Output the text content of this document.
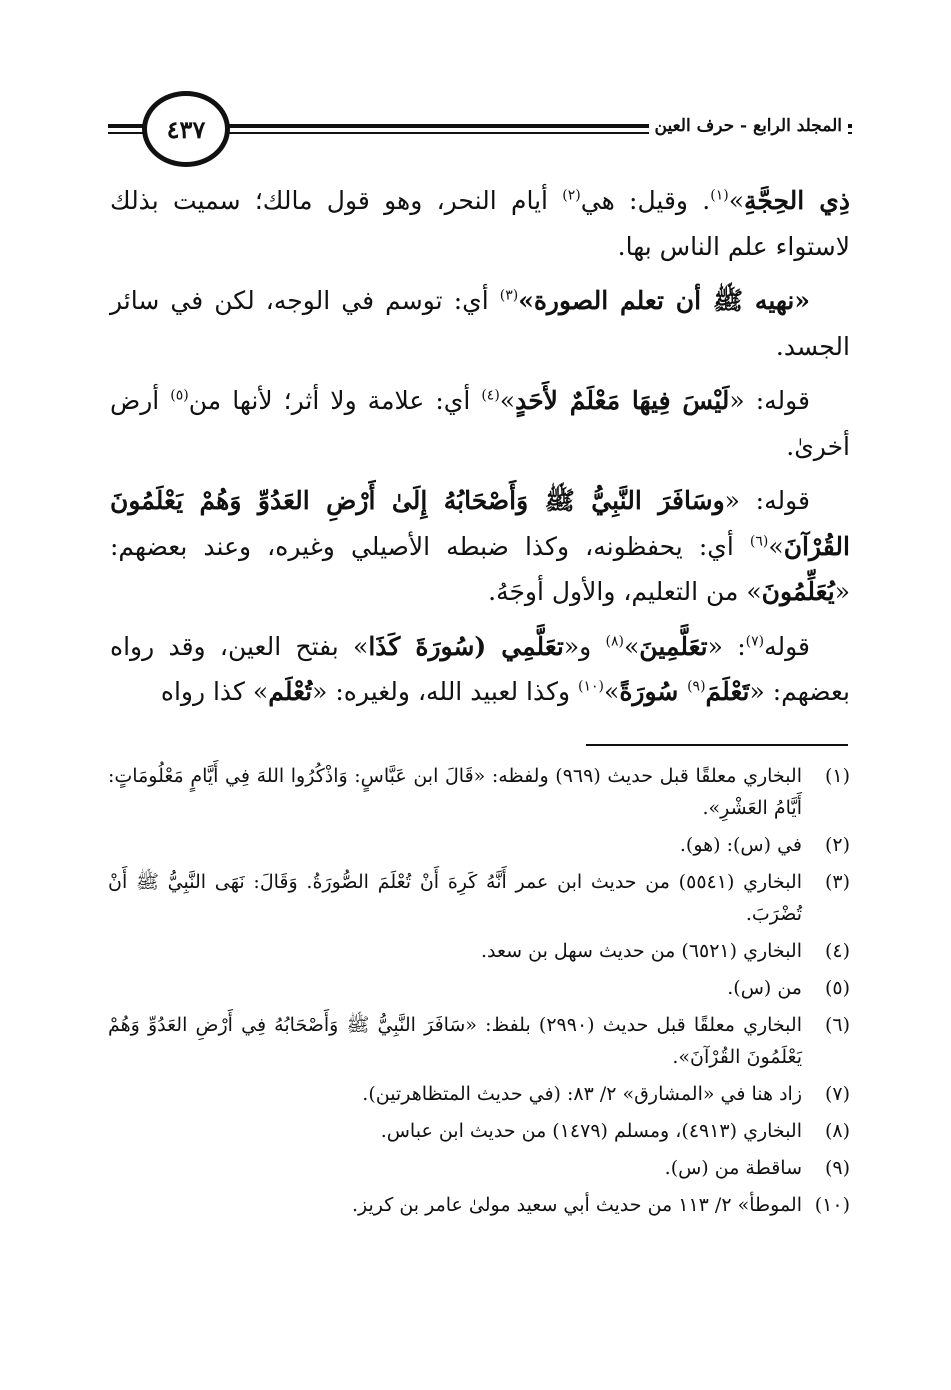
المجلد الرابع - حرف العين
٤٣٧

ذِي الحِجَّةِ»$^{(١)}$. وقيل: هي$^{(٢)}$ أيام النحر، وهو قول مالك؛ سميت بذلك لاستواء علم الناس بها.

«نهيه ﷺ أن تعلم الصورة»$^{(٣)}$ أي: توسم في الوجه، لكن في سائر الجسد.

قوله: «لَيْسَ فِيهَا مَعْلَمٌ لأَحَدٍ»$^{(٤)}$ أي: علامة ولا أثر؛ لأنها من$^{(٥)}$ أرض أخرىٰ.

قوله: «وسَافَرَ النَّبِيُّ ﷺ وَأَصْحَابُهُ إِلَىٰ أَرْضِ العَدُوِّ وَهُمْ يَعْلَمُونَ القُرْآنَ»$^{(٦)}$ أي: يحفظونه، وكذا ضبطه الأصيلي وغيره، وعند بعضهم: «يُعَلِّمُونَ» من التعليم، والأول أوجَهُ.

قوله$^{(٧)}$: «تعَلَّمِينَ»$^{(٨)}$ و«تعَلَّمِي (سُورَةَ كَذَا» بفتح العين، وقد رواه بعضهم: «تَعْلَمَ$^{(٩)}$ سُورَةً»$^{(١٠)}$ وكذا لعبيد الله، ولغيره: «تُعْلَم» كذا رواه

(١)
البخاري معلقًا قبل حديث (٩٦٩) ولفظه: «قَالَ ابن عَبَّاسٍ: وَاذْكُرُوا اللهَ فِي أَيَّامٍ مَعْلُومَاتٍ: أَيَّامُ العَشْرِ».
(٢)
في (س): (هو).
(٣)
البخاري (٥٥٤١) من حديث ابن عمر أَنَّهُ كَرِهَ أَنْ تُعْلَمَ الصُّورَةُ. وَقَالَ: نَهَى النَّبِيُّ ﷺ أَنْ تُضْرَبَ.
(٤)
البخاري (٦٥٢١) من حديث سهل بن سعد.
(٥)
من (س).
(٦)
البخاري معلقًا قبل حديث (٢٩٩٠) بلفظ: «سَافَرَ النَّبِيُّ ﷺ وَأَصْحَابُهُ فِي أَرْضِ العَدُوِّ وَهُمْ يَعْلَمُونَ القُرْآنَ».
(٧)
زاد هنا في «المشارق» ٢/ ٨٣: (في حديث المتظاهرتين).
(٨)
البخاري (٤٩١٣)، ومسلم (١٤٧٩) من حديث ابن عباس.
(٩)
ساقطة من (س).
(١٠)
الموطأ» ٢/ ١١٣ من حديث أبي سعيد مولىٰ عامر بن كريز.
